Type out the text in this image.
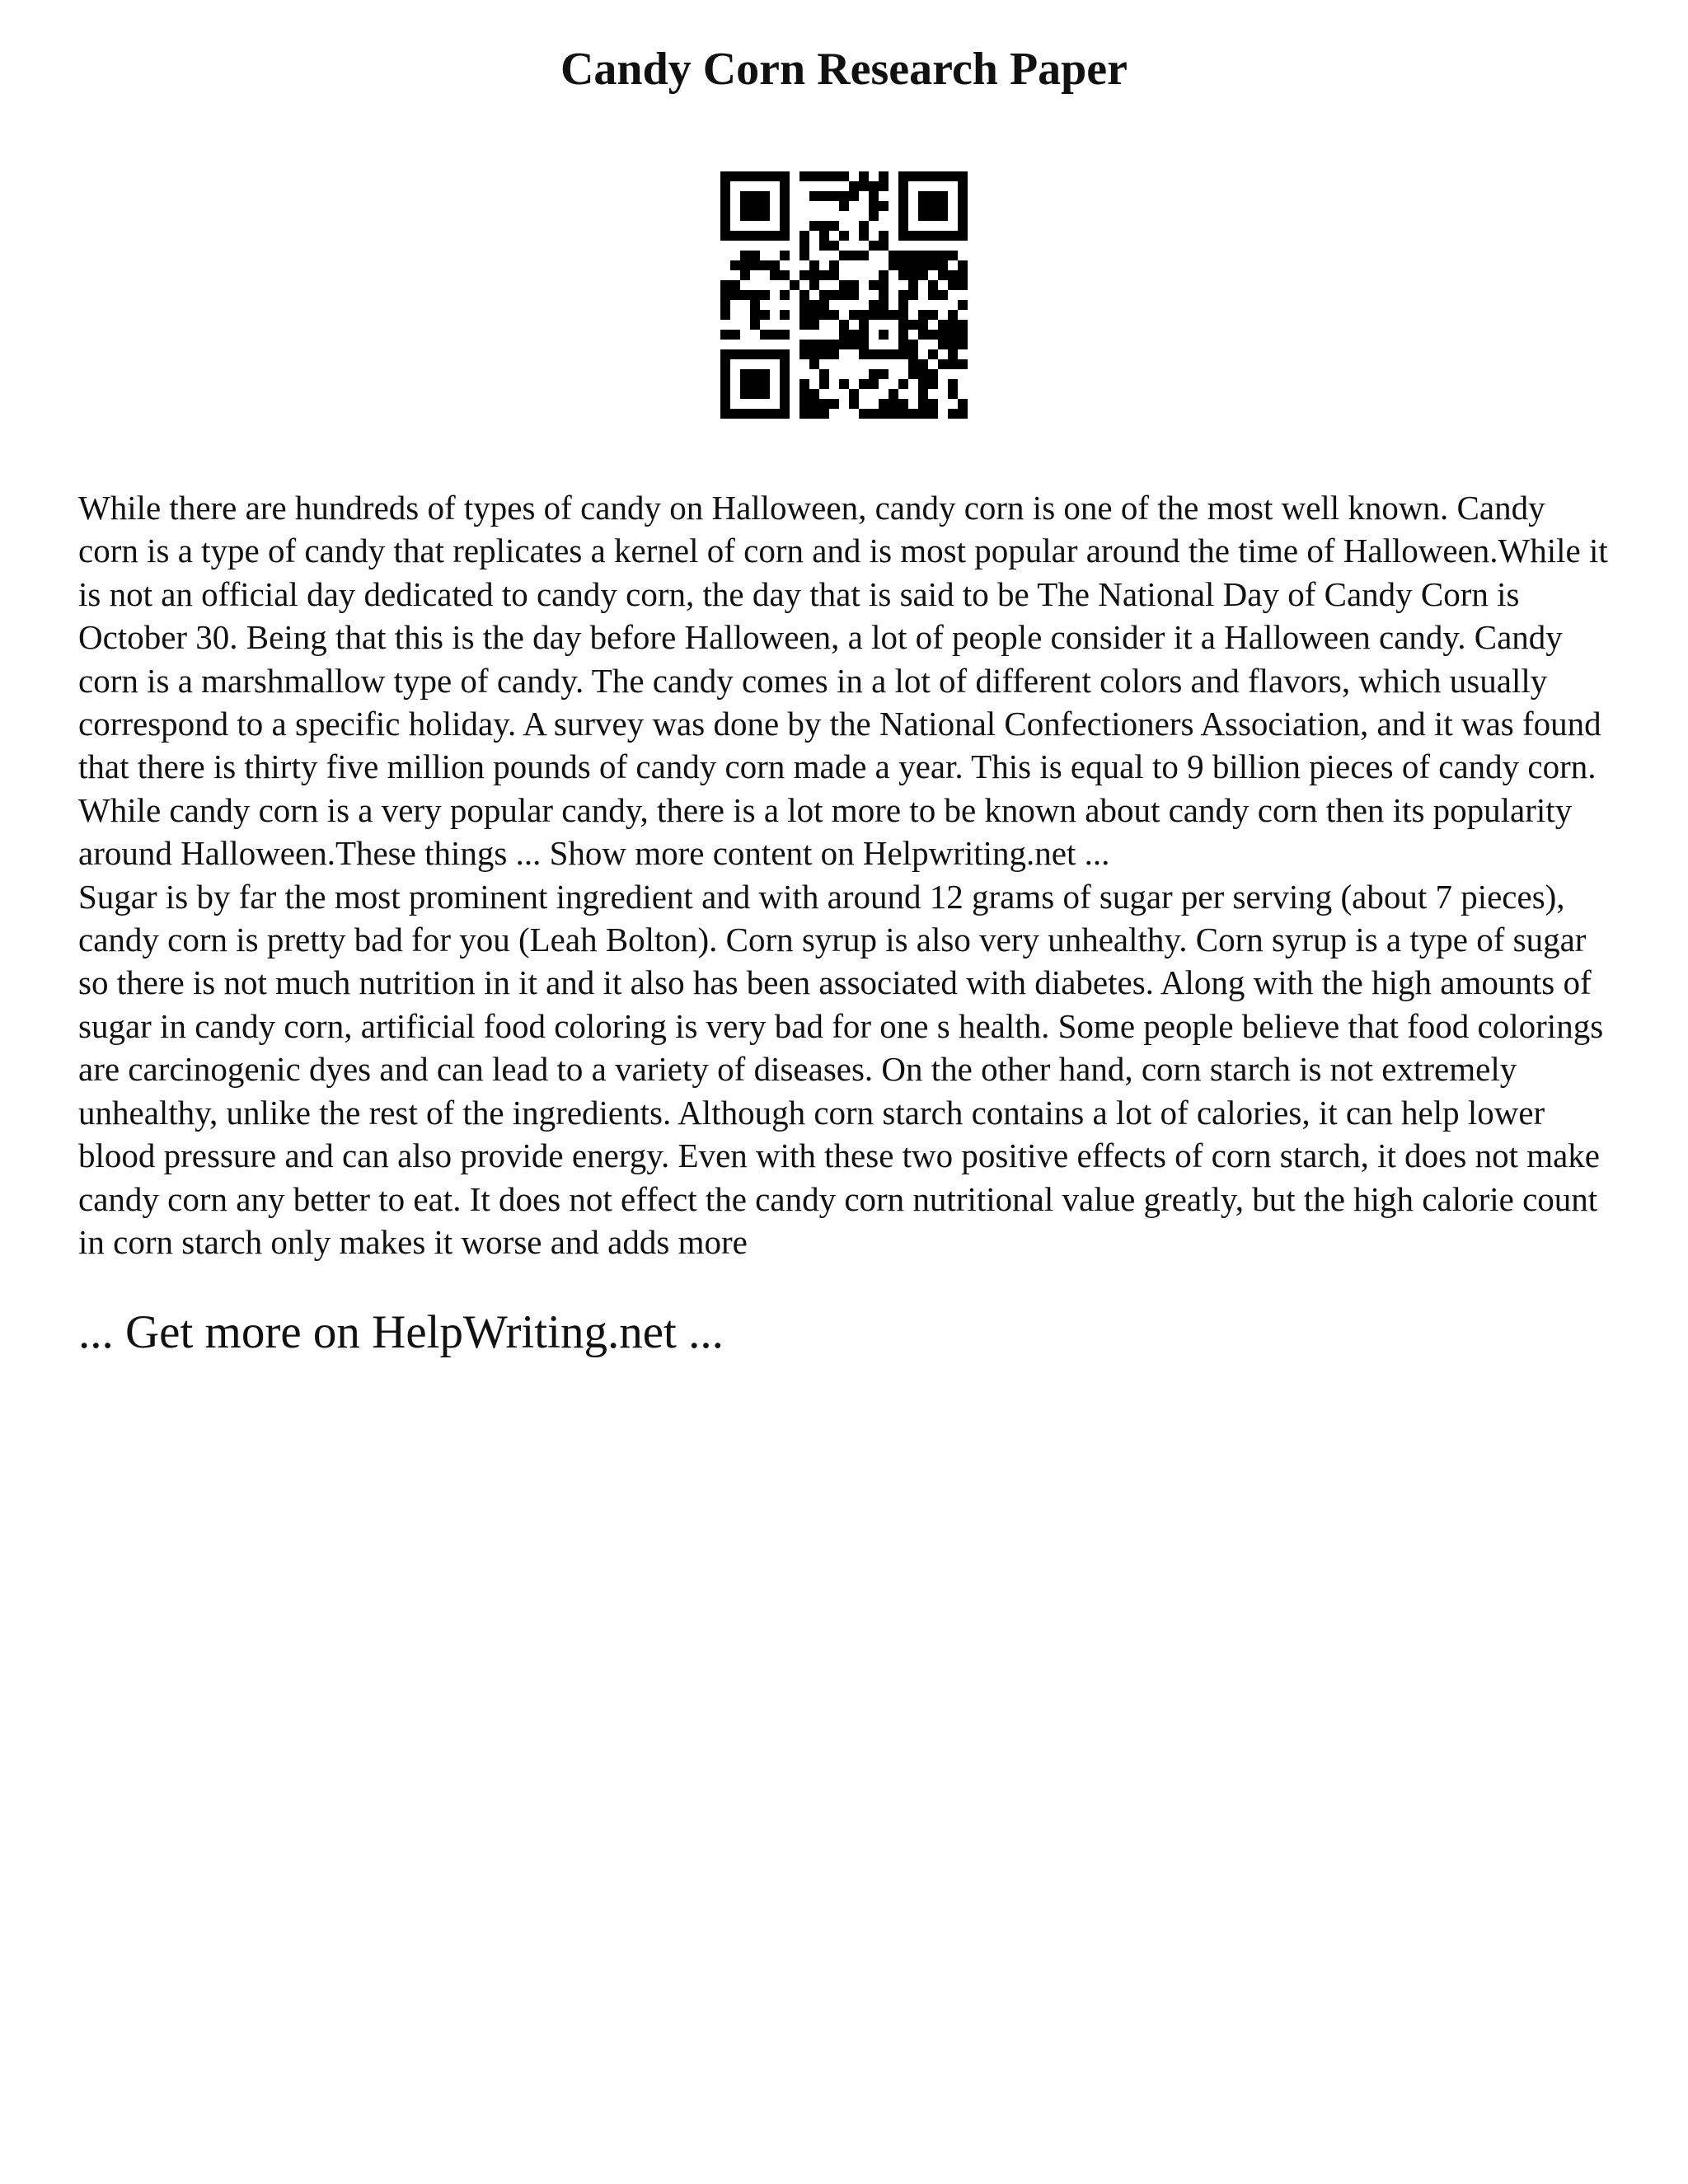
Candy Corn Research Paper

While there are hundreds of types of candy on Halloween, candy corn is one of the most well known. Candy corn is a type of candy that replicates a kernel of corn and is most popular around the time of Halloween.While it is not an official day dedicated to candy corn, the day that is said to be The National Day of Candy Corn is October 30. Being that this is the day before Halloween, a lot of people consider it a Halloween candy. Candy corn is a marshmallow type of candy. The candy comes in a lot of different colors and flavors, which usually correspond to a specific holiday. A survey was done by the National Confectioners Association, and it was found that there is thirty five million pounds of candy corn made a year. This is equal to 9 billion pieces of candy corn. While candy corn is a very popular candy, there is a lot more to be known about candy corn then its popularity around Halloween.These things ... Show more content on Helpwriting.net ...

Sugar is by far the most prominent ingredient and with around 12 grams of sugar per serving (about 7 pieces), candy corn is pretty bad for you (Leah Bolton). Corn syrup is also very unhealthy. Corn syrup is a type of sugar so there is not much nutrition in it and it also has been associated with diabetes. Along with the high amounts of sugar in candy corn, artificial food coloring is very bad for one s health. Some people believe that food colorings are carcinogenic dyes and can lead to a variety of diseases. On the other hand, corn starch is not extremely unhealthy, unlike the rest of the ingredients. Although corn starch contains a lot of calories, it can help lower blood pressure and can also provide energy. Even with these two positive effects of corn starch, it does not make candy corn any better to eat. It does not effect the candy corn nutritional value greatly, but the high calorie count in corn starch only makes it worse and adds more

... Get more on HelpWriting.net ...
